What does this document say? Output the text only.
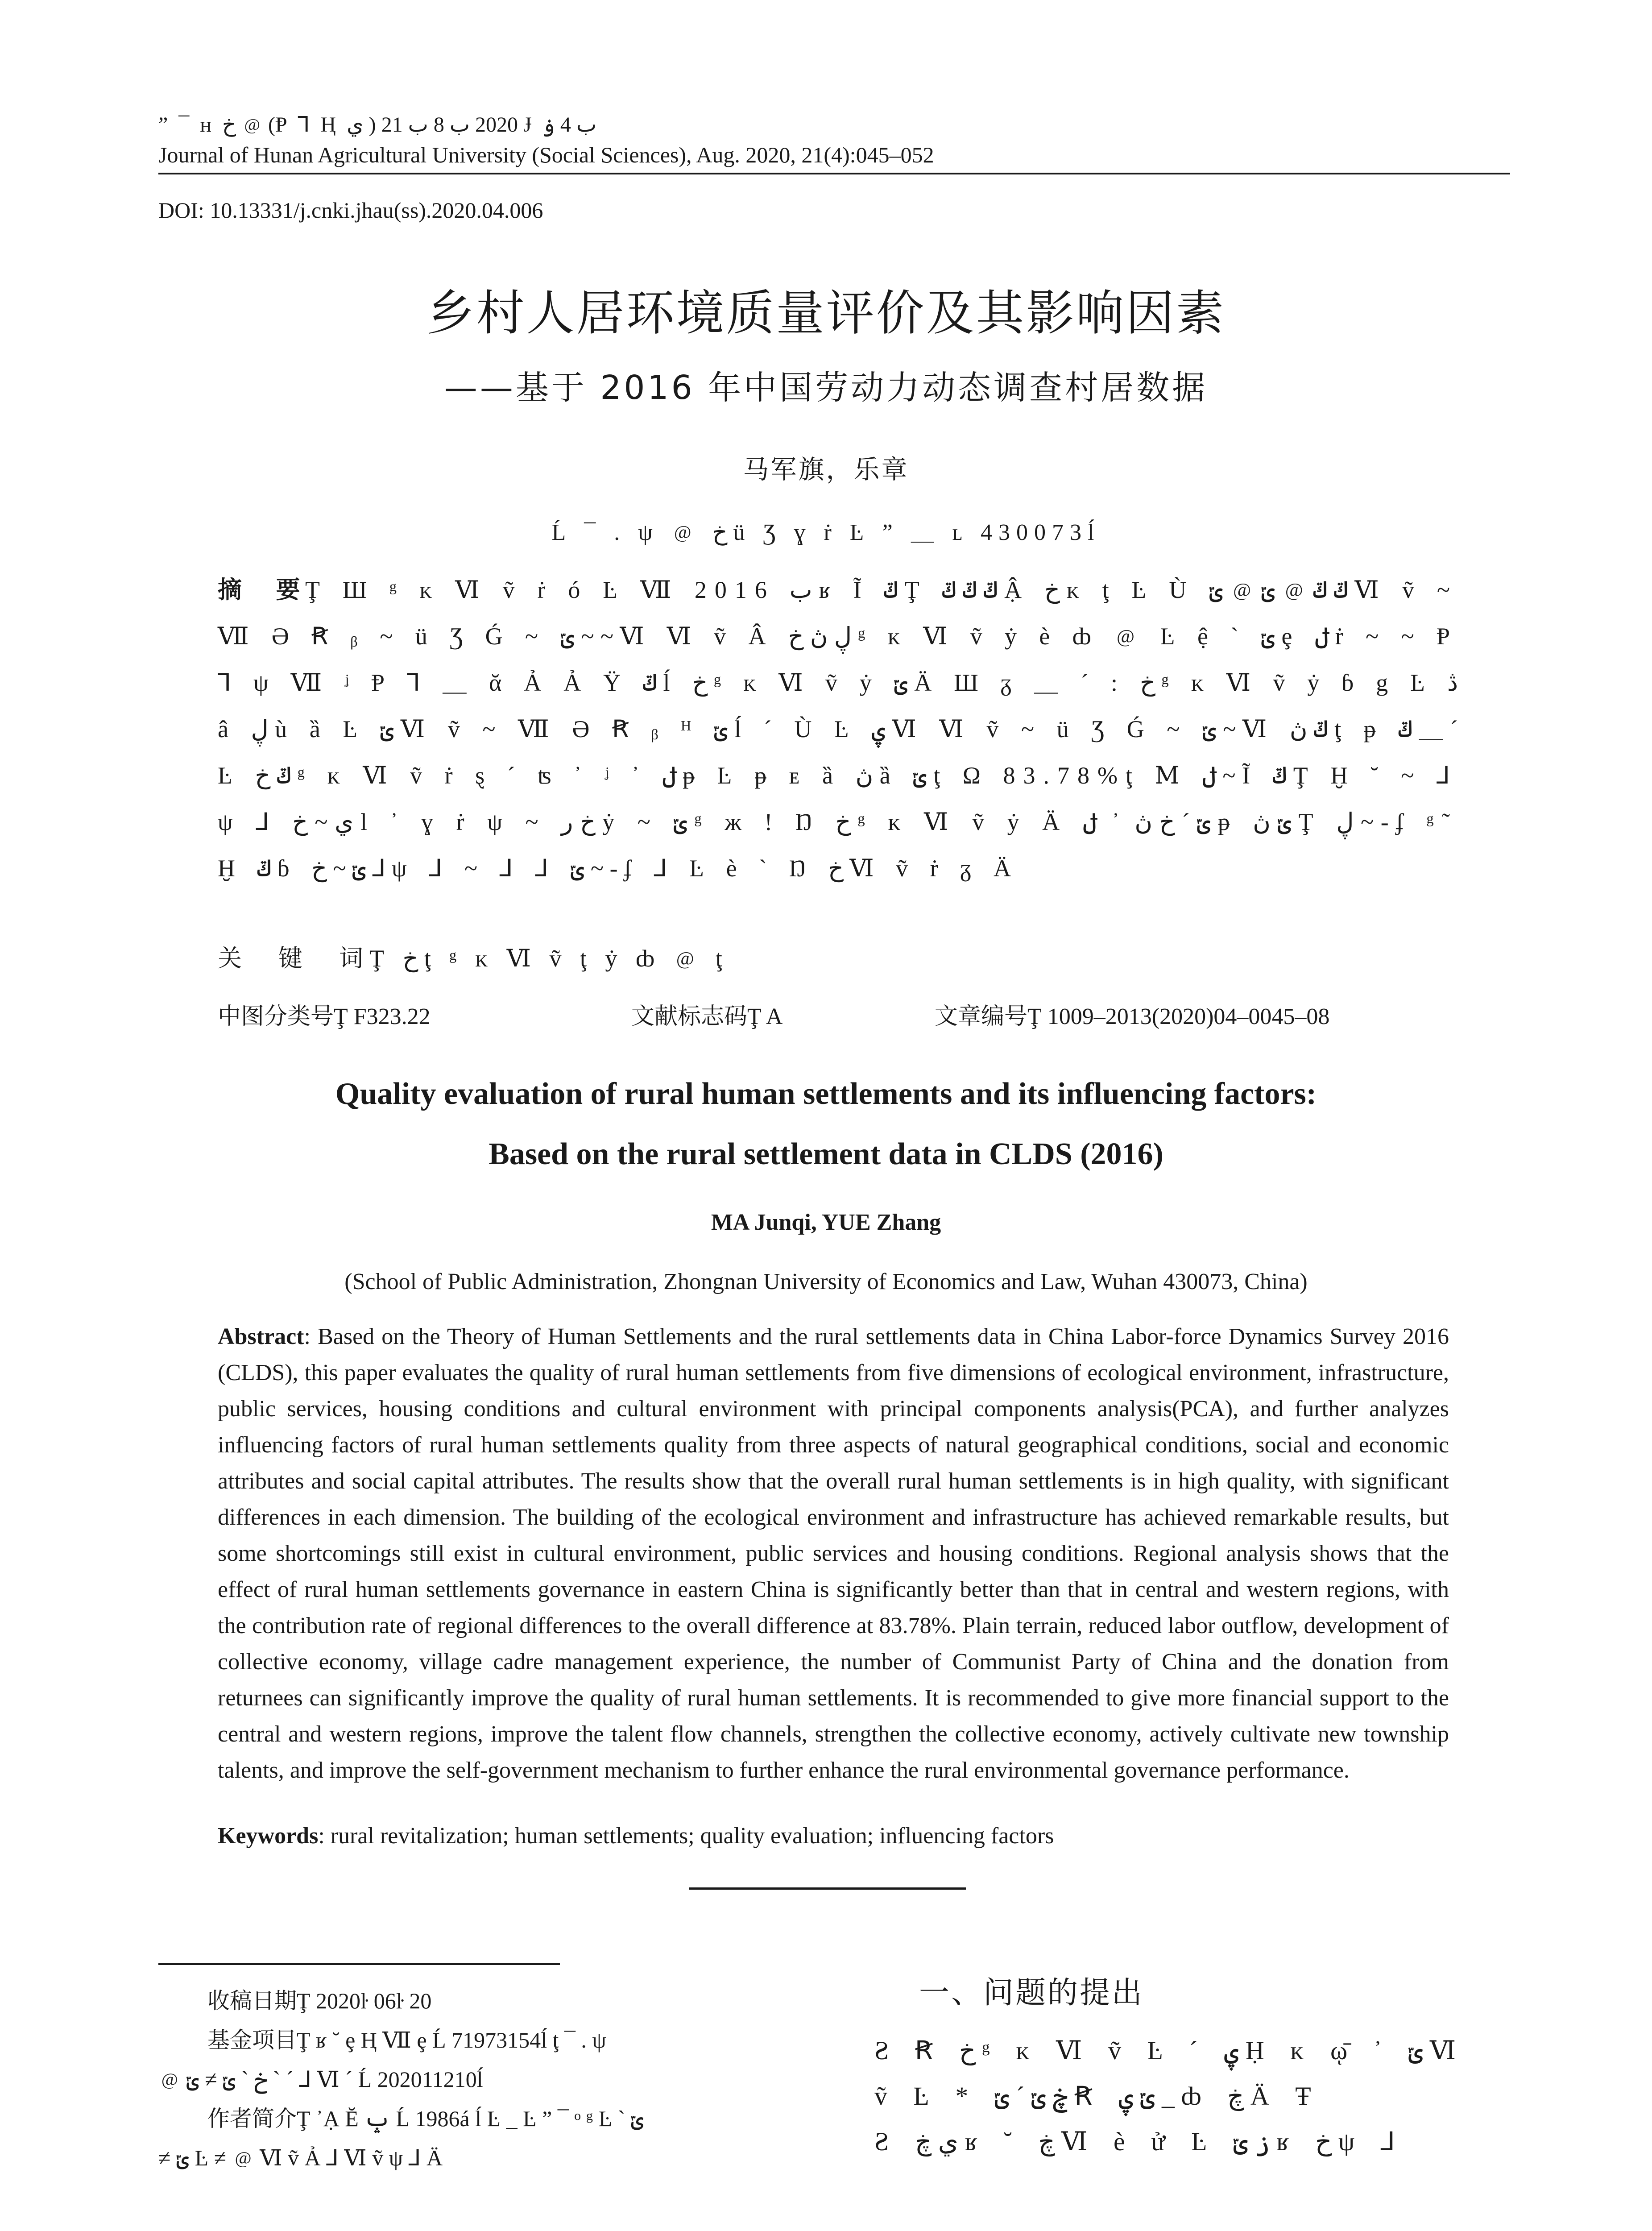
” ¯ ʜ خ ﹫ (Ᵽ ⅂ Ⱨ ي ) 2020 ب 8 ب 21 Ɉ ب 4 ۏ
Journal of Hunan Agricultural University (Social Sciences), Aug. 2020, 21(4):045–052
DOI: 10.13331/j.cnki.jhau(ss).2020.04.006
乡村人居环境质量评价及其影响因素
——基于 2016 年中国劳动力动态调查村居数据
马军旗，乐章
Ĺ ¯ . ψ ﹫ خ ü Ʒ ɣ ṙ Ŀ ” ＿ ʟ 430073ĺ
摘　要Ţ Ш ᵍ ᴋ Ⅵ ṽ ṙ ó Ŀ Ⅶ 2016 ب ʁ Ĩ ݿ Ţ ݿ ݿ ݿ Ậ خ ᴋ ţ Ŀ Ù ݿ ݿ ﹫ ݶ ﹫ ݶ Ⅵ ṽ ~ Ⅶ Ə Ꞧ ᵦ ~ ü Ʒ Ǵ ~ ݶ ~ ~ Ⅵ Ⅵ ṽ Â ڸ ڽ خ ᵍ ᴋ Ⅵ ṽ ẏ è ȸ ﹫ Ŀ ệ ` ݶ ȩ ݪ ṙ ~ ~ Ᵽ ⅂ ψ Ⅶ ᶨ Ᵽ ⅂ ＿ ᾰ Ả Ả Ÿ ݿ ĺ خ ᵍ ᴋ Ⅵ ṽ ẏ ݶ Ä Ш ᵹ ＿ ´ : خ ᵍ ᴋ Ⅵ ṽ ẏ ɓ g Ŀ ڎ â ڸ ù ȁ Ŀ ݶ Ⅵ ṽ ~ Ⅶ Ə Ꞧ ᵦ ᴴ ݶ ĺ ´ Ù Ŀ ۑ Ⅵ Ⅵ ṽ ~ ü Ʒ Ǵ ~ ݶ ~ Ⅵ ݿ ڽ ţ ᵽ ݿ ＿ ´ Ŀ ݿ خ ᵍ ᴋ Ⅵ ṽ ṙ ȿ ´ ʦ ᾿ ᶨ ᾿ ݪ ᵽ Ŀ ᵽ ᴇ ȁ ڽ ȁ ݶ ţ Ω 83.78%ţ Ⅿ ݪ ~ Ĩ ݿ Ţ Ḫ ˘ ~ ⅃ ψ ⅃ ي ~ خ l ᾿ ɣ ṙ ψ ~ خ ر ẏ ~ ݶ ᵍ ж ! Ŋ خ ᵍ ᴋ Ⅵ ṽ ẏ Ä ݶ ´ خ ڽ ᾿ ݪ ᵽ ݶ ڽ Ţ ڸ ~ - ʄ ᵍ˜ Ḫ ݿ ɓ ݶ ~ خ ⅃ ψ ⅃ ~ ⅃ ⅃ ݶ ~ - ʄ ⅃ Ŀ è ` Ŋ خ Ⅵ ṽ ṙ ᵹ Ä
关　键　词Ţ خ ţ ᵍ ᴋ Ⅵ ṽ ţ ẏ ȸ ﹫ ţ
中图分类号Ţ F323.22	文献标志码Ţ A	文章编号Ţ 1009–2013(2020)04–0045–08
Quality evaluation of rural human settlements and its influencing factors:
Based on the rural settlement data in CLDS (2016)
MA Junqi, YUE Zhang
(School of Public Administration, Zhongnan University of Economics and Law, Wuhan 430073, China)
Abstract: Based on the Theory of Human Settlements and the rural settlements data in China Labor-force Dynamics Survey 2016 (CLDS), this paper evaluates the quality of rural human settlements from five dimensions of ecological environment, infrastructure, public services, housing conditions and cultural environment with principal components analysis(PCA), and further analyzes influencing factors of rural human settlements quality from three aspects of natural geographical conditions, social and economic attributes and social capital attributes. The results show that the overall rural human settlements is in high quality, with significant differences in each dimension. The building of the ecological environment and infrastructure has achieved remarkable results, but some shortcomings still exist in cultural environment, public services and housing conditions. Regional analysis shows that the effect of rural human settlements governance in eastern China is significantly better than that in central and western regions, with the contribution rate of regional differences to the overall difference at 83.78%. Plain terrain, reduced labor outflow, development of collective economy, village cadre management experience, the number of Communist Party of China and the donation from returnees can significantly improve the quality of rural human settlements. It is recommended to give more financial support to the central and western regions, improve the talent flow channels, strengthen the collective economy, actively cultivate new township talents, and improve the self-government mechanism to further enhance the rural environmental governance performance.
Keywords: rural revitalization; human settlements; quality evaluation; influencing factors
收稿日期Ţ 2020ŀ 06ŀ 20
基金项目Ţ ʁ ˘ ȩ Ⱨ Ⅶ ȩ Ĺ 71973154ĺ ţ ¯ . ψ
﹫ خ ` ݶ ≠ ݶ ` ´ ⅃ Ⅵ ´ Ĺ 202011210ĺ
作者简介Ţ ᾿Ạ Ĕ ݒ Ĺ 1986á ĺ Ŀ _ Ŀ ” ¯ ᵒ ᵍ Ŀ ` ݶ
≠ ݶ Ŀ ≠ ﹫ Ⅵ ṽ Ả ⅃ Ⅵ ṽ ψ ⅃ Ä
一、问题的提出
Ƨ Ꞧ خ ᵍ ᴋ Ⅵ ṽ Ŀ ´ ۑ Ḥ ᴋ ῳ̄ ᾿ ݶ Ⅵ
ṽ Ŀ * ڿ ݶ ´ ݶ Ꞧ ݶ ۑ _ ȸ ڿ Ä Ŧ
Ƨ ي ڿ ʁ ˘ ڿ Ⅵ è ử Ŀ ز ݶ ʁ خ ψ ⅃
